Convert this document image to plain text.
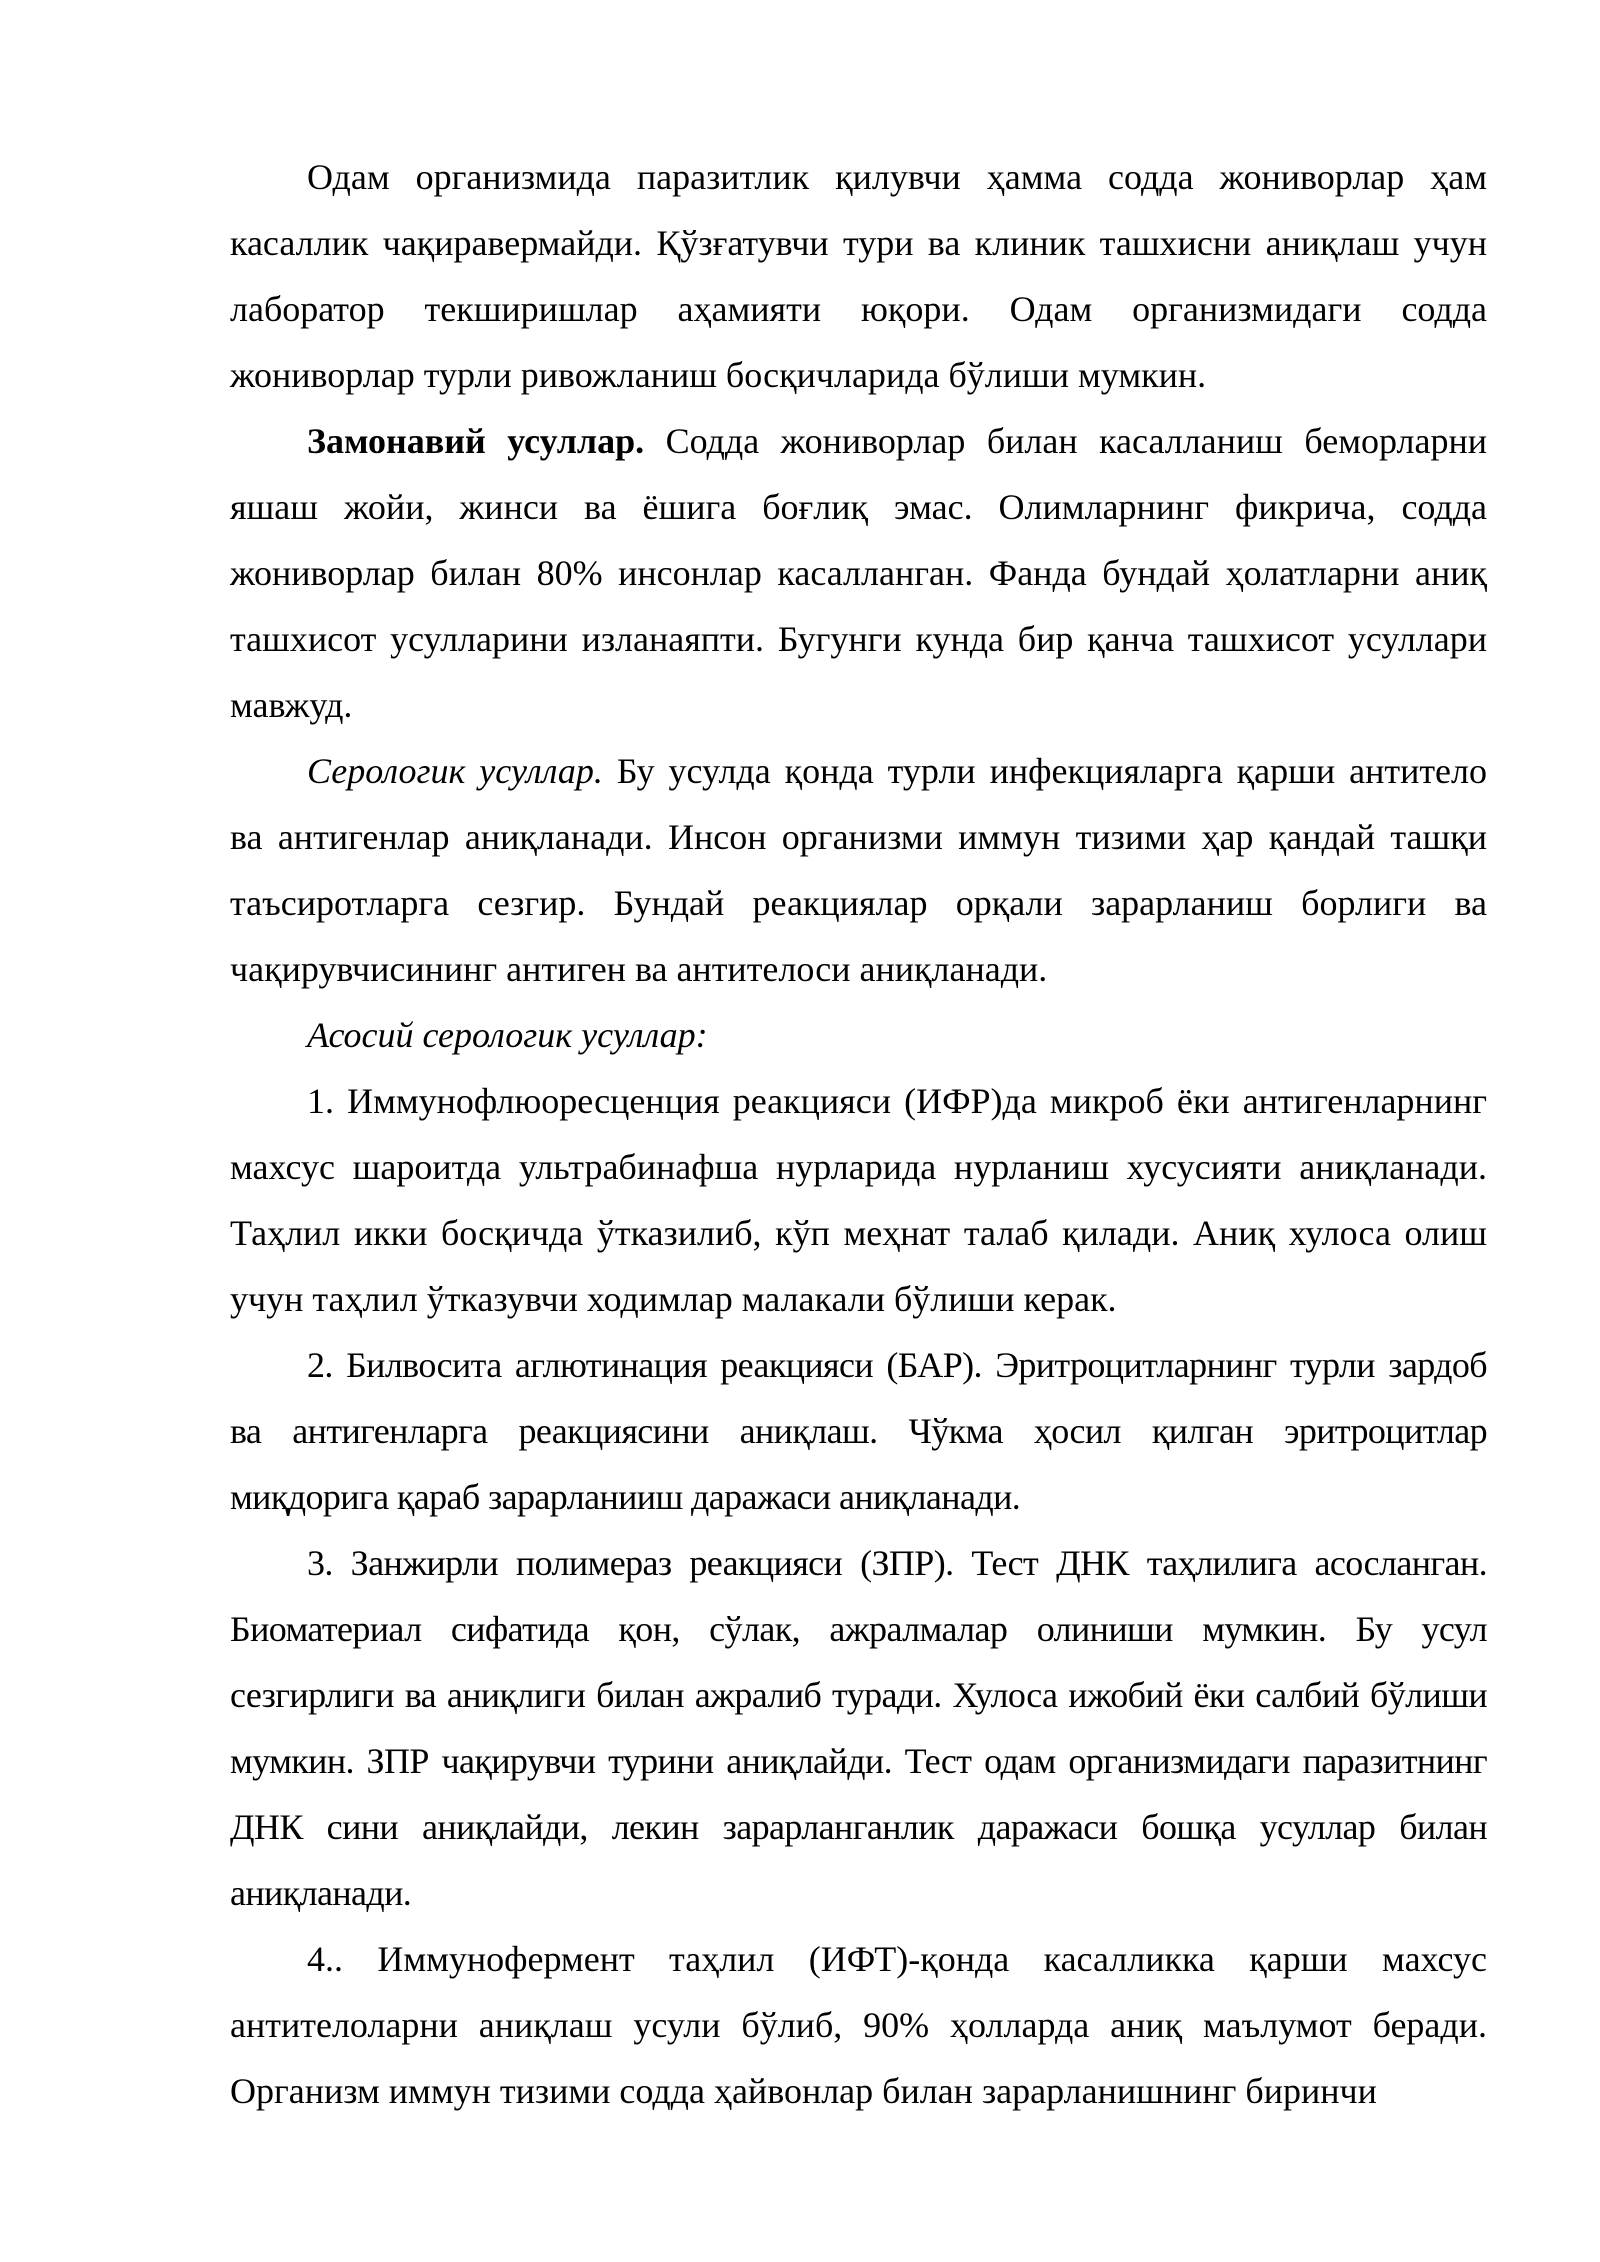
Одам организмида паразитлик қилувчи ҳамма содда жониворлар ҳам касаллик чақиравермайди. Қўзғатувчи тури ва клиник ташхисни аниқлаш учун лаборатор текширишлар аҳамияти юқори. Одам организмидаги содда жониворлар турли ривожланиш босқичларида бўлиши мумкин.

Замонавий усуллар. Содда жониворлар билан касалланиш беморларни яшаш жойи, жинси ва ёшига боғлиқ эмас. Олимларнинг фикрича, содда жониворлар билан 80% инсонлар касалланган. Фанда бундай ҳолатларни аниқ ташхисот усулларини изланаяпти. Бугунги кунда бир қанча ташхисот усуллари мавжуд.

Серологик усуллар. Бу усулда қонда турли инфекцияларга қарши антитело ва антигенлар аниқланади. Инсон организми иммун тизими ҳар қандай ташқи таъсиротларга сезгир. Бундай реакциялар орқали зарарланиш борлиги ва чақирувчисининг антиген ва антителоси аниқланади.

Асосий серологик усуллар:

1. Иммунофлюоресценция реакцияси (ИФР)да микроб ёки антигенларнинг махсус шароитда ультрабинафша нурларида нурланиш хусусияти аниқланади. Таҳлил икки босқичда ўтказилиб, кўп меҳнат талаб қилади. Аниқ хулоса олиш учун таҳлил ўтказувчи ходимлар малакали бўлиши керак.

2. Билвосита аглютинация реакцияси (БАР). Эритроцитларнинг турли зардоб ва антигенларга реакциясини аниқлаш. Чўкма ҳосил қилган эритроцитлар миқдорига қараб зарарланииш даражаси аниқланади.

3. Занжирли полимераз реакцияси (ЗПР). Тест ДНК таҳлилига асосланган. Биоматериал сифатида қон, сўлак, ажралмалар олиниши мумкин. Бу усул сезгирлиги ва аниқлиги билан ажралиб туради. Хулоса ижобий ёки салбий бўлиши мумкин. ЗПР чақирувчи турини аниқлайди. Тест одам организмидаги паразитнинг ДНК сини аниқлайди, лекин зарарланганлик даражаси бошқа усуллар билан аниқланади.

4.. Иммунофермент таҳлил (ИФТ)-қонда касалликка қарши махсус антителоларни аниқлаш усули бўлиб, 90% ҳолларда аниқ маълумот беради. Организм иммун тизими содда ҳайвонлар билан зарарланишнинг биринчи
